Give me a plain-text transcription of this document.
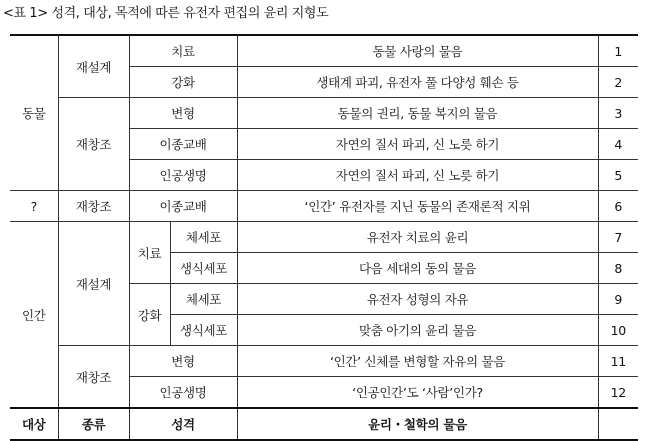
<표 1> 성격, 대상, 목적에 따른 유전자 편집의 윤리 지형도
동물	재설계	치료		동물 사랑의 물음	1
		강화		생태계 파괴, 유전자 풀 다양성 훼손 등	2
	재창조	변형		동물의 권리, 동물 복지의 물음	3
		이종교배		자연의 질서 파괴, 신 노릇 하기	4
		인공생명		자연의 질서 파괴, 신 노릇 하기	5
?	재창조	이종교배		‘인간’ 유전자를 지닌 동물의 존재론적 지위	6
인간	재설계	치료	체세포	유전자 치료의 윤리	7
			생식세포	다음 세대의 동의 물음	8
		강화	체세포	유전자 성형의 자유	9
			생식세포	맞춤 아기의 윤리 물음	10
	재창조	변형		‘인간’ 신체를 변형할 자유의 물음	11
		인공생명		‘인공인간’도 ‘사람’인가?	12
대상	종류	성격		윤리・철학의 물음	
